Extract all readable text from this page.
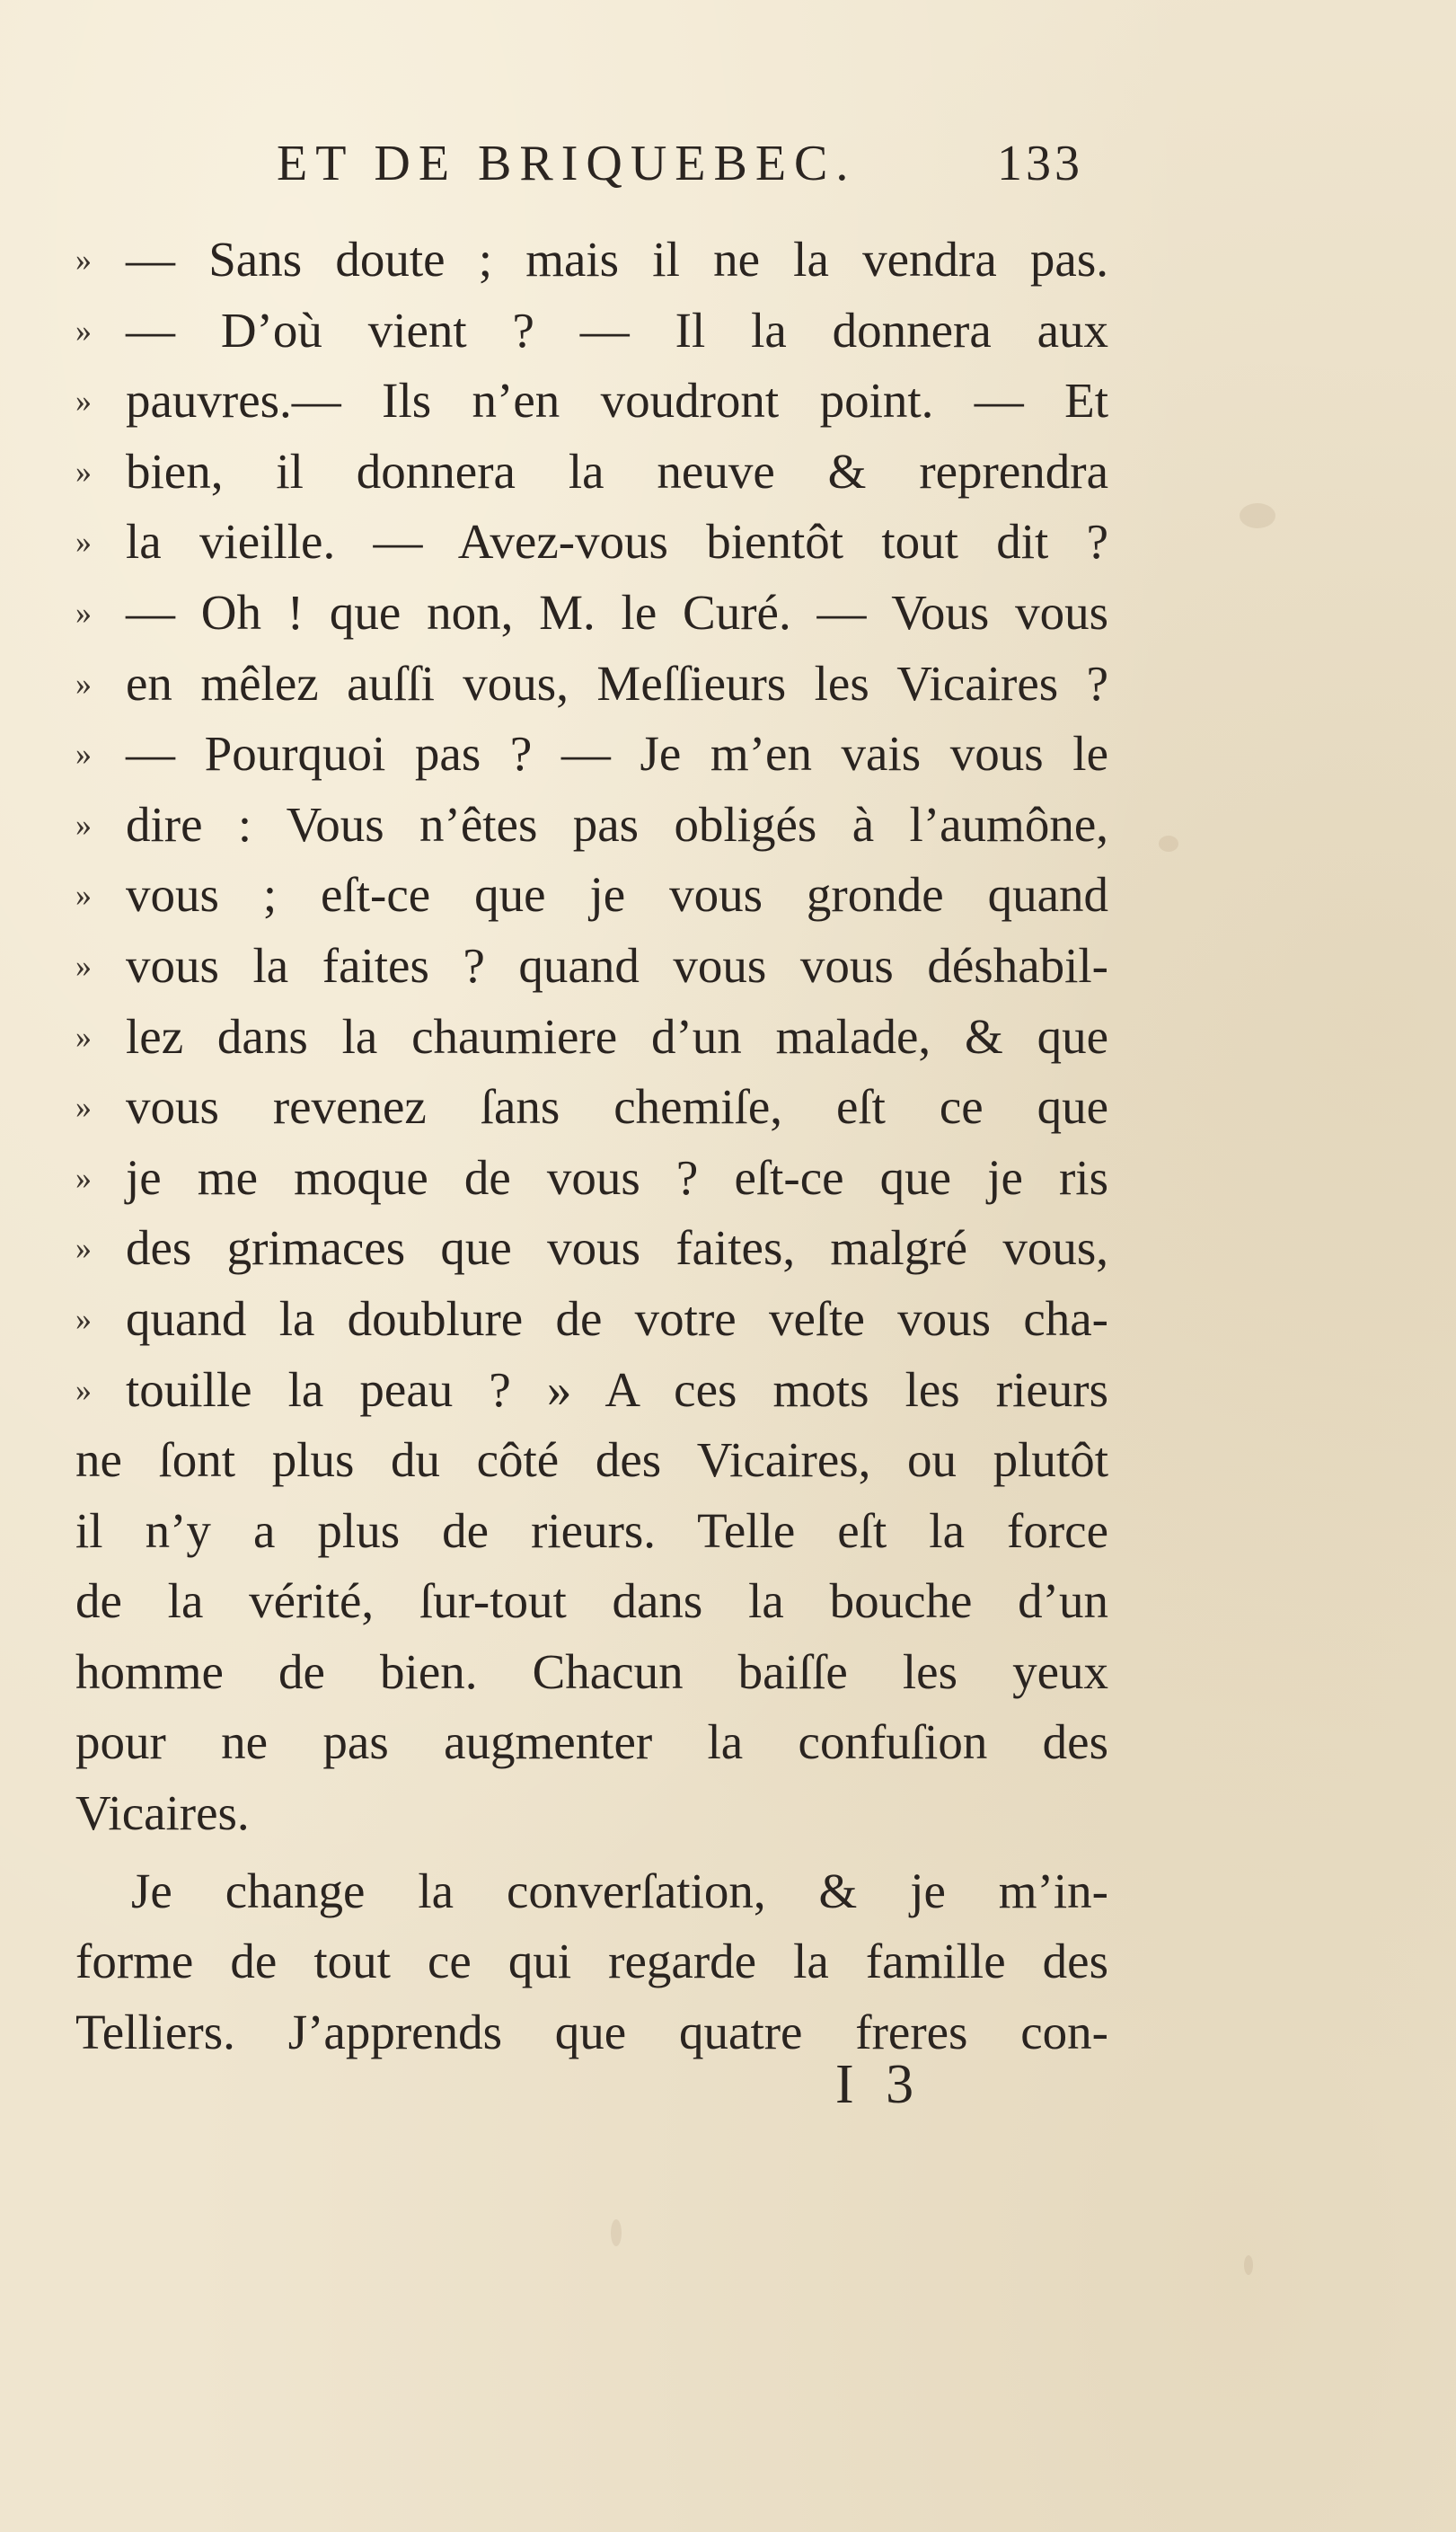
ET DE BRIQUEBEC.	133
» — Sans doute ; mais il ne la vendra pas.
» — D’où vient ? — Il la donnera aux
» pauvres.— Ils n’en voudront point. — Et
» bien, il donnera la neuve & reprendra
» la vieille. — Avez-vous bientôt tout dit ?
» — Oh ! que non, M. le Curé. — Vous vous
» en mêlez auſſi vous, Meſſieurs les Vicaires ?
» — Pourquoi pas ? — Je m’en vais vous le
» dire : Vous n’êtes pas obligés à l’aumône,
» vous ; eſt-ce que je vous gronde quand
» vous la faites ? quand vous vous déshabil-
» lez dans la chaumiere d’un malade, & que
» vous revenez ſans chemiſe, eſt ce que
» je me moque de vous ? eſt-ce que je ris
» des grimaces que vous faites, malgré vous,
» quand la doublure de votre veſte vous cha-
» touille la peau ? » A ces mots les rieurs
ne ſont plus du côté des Vicaires, ou plutôt
il n’y a plus de rieurs. Telle eſt la force
de la vérité, ſur-tout dans la bouche d’un
homme de bien. Chacun baiſſe les yeux
pour ne pas augmenter la confuſion des
Vicaires.
Je change la converſation, & je m’in-
forme de tout ce qui regarde la famille des
Telliers. J’apprends que quatre freres con-
I 3
